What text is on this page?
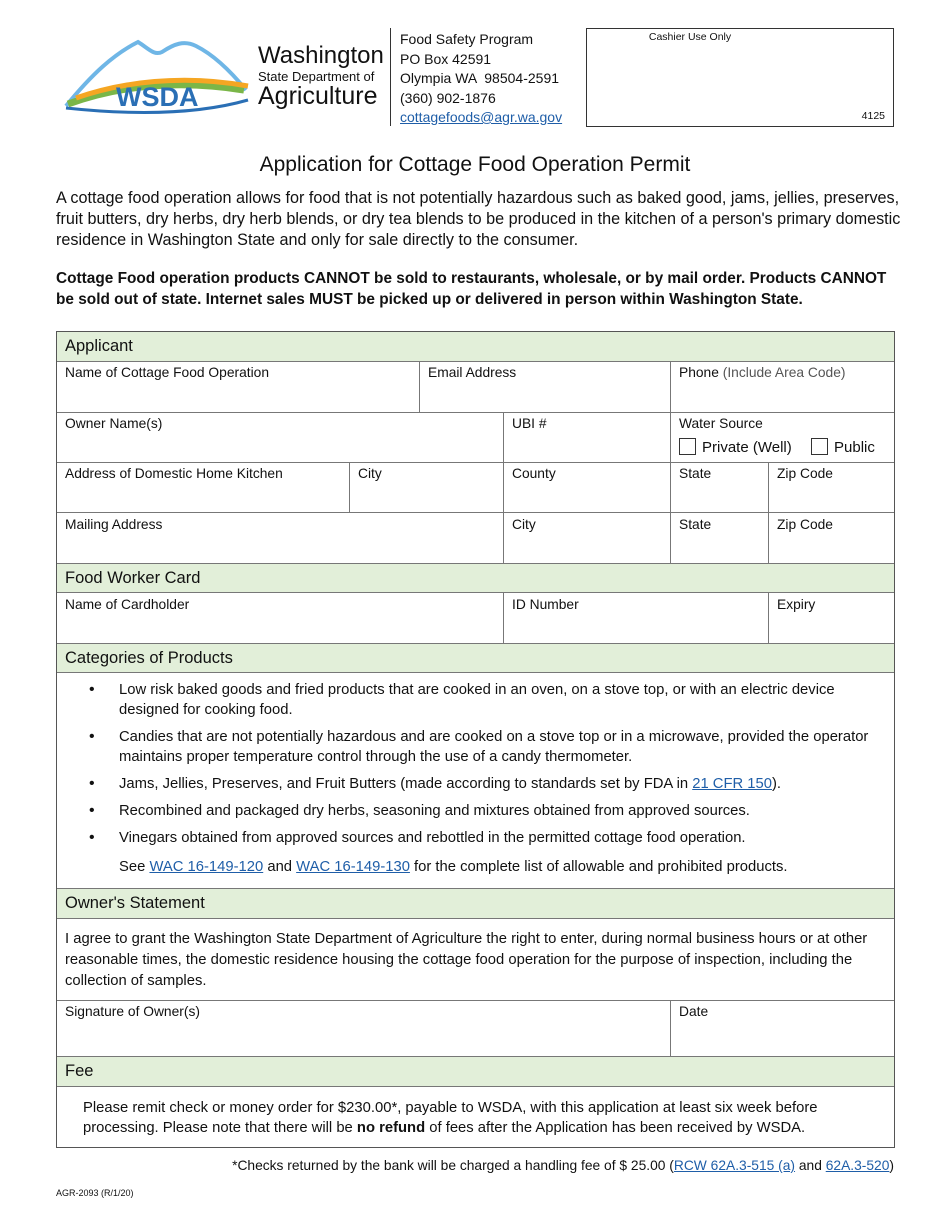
WSDA
Washington
State Department of
Agriculture
Food Safety Program
PO Box 42591
Olympia WA  98504-2591
(360) 902-1876
cottagefoods@agr.wa.gov
Cashier Use Only
4125
Application for Cottage Food Operation Permit
A cottage food operation allows for food that is not potentially hazardous such as baked good, jams, jellies, preserves, fruit butters, dry herbs, dry herb blends, or dry tea blends to be produced in the kitchen of a person's primary domestic residence in Washington State and only for sale directly to the consumer.
Cottage Food operation products CANNOT be sold to restaurants, wholesale, or by mail order. Products CANNOT be sold out of state. Internet sales MUST be picked up or delivered in person within Washington State.
Applicant
Name of Cottage Food Operation	Email Address	Phone (Include Area Code)
Owner Name(s)	UBI #	Water Source
Private (Well)	Public
Address of Domestic Home Kitchen	City	County	State	Zip Code
Mailing Address	City	State	Zip Code
Food Worker Card
Name of Cardholder	ID Number	Expiry
Categories of Products
• Low risk baked goods and fried products that are cooked in an oven, on a stove top, or with an electric device designed for cooking food.
• Candies that are not potentially hazardous and are cooked on a stove top or in a microwave, provided the operator maintains proper temperature control through the use of a candy thermometer.
• Jams, Jellies, Preserves, and Fruit Butters (made according to standards set by FDA in 21 CFR 150).
• Recombined and packaged dry herbs, seasoning and mixtures obtained from approved sources.
• Vinegars obtained from approved sources and rebottled in the permitted cottage food operation.
See WAC 16-149-120 and WAC 16-149-130 for the complete list of allowable and prohibited products.
Owner's Statement
I agree to grant the Washington State Department of Agriculture the right to enter, during normal business hours or at other reasonable times, the domestic residence housing the cottage food operation for the purpose of inspection, including the collection of samples.
Signature of Owner(s)	Date
Fee
Please remit check or money order for $230.00*, payable to WSDA, with this application at least six week before processing. Please note that there will be no refund of fees after the Application has been received by WSDA.
*Checks returned by the bank will be charged a handling fee of $ 25.00 (RCW 62A.3-515 (a) and 62A.3-520)
AGR-2093 (R/1/20)
